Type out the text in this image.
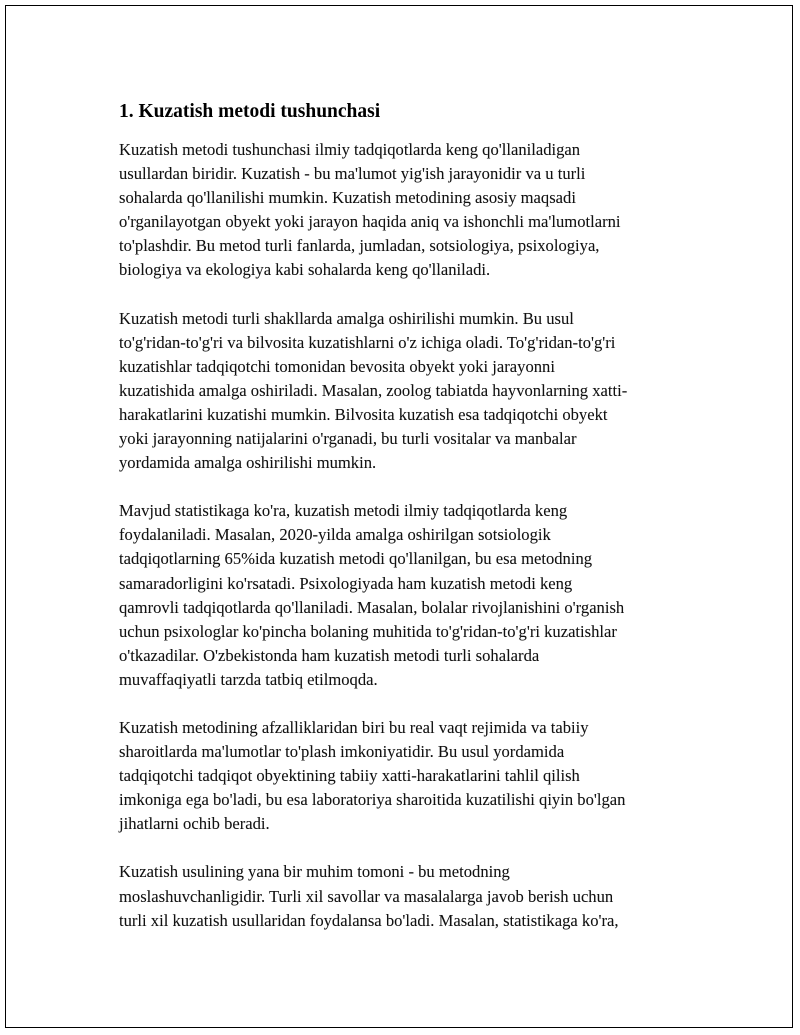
1. Kuzatish metodi tushunchasi

Kuzatish metodi tushunchasi ilmiy tadqiqotlarda keng qo'llaniladigan
usullardan biridir. Kuzatish - bu ma'lumot yig'ish jarayonidir va u turli
sohalarda qo'llanilishi mumkin. Kuzatish metodining asosiy maqsadi
o'rganilayotgan obyekt yoki jarayon haqida aniq va ishonchli ma'lumotlarni
to'plashdir. Bu metod turli fanlarda, jumladan, sotsiologiya, psixologiya,
biologiya va ekologiya kabi sohalarda keng qo'llaniladi.

Kuzatish metodi turli shakllarda amalga oshirilishi mumkin. Bu usul
to'g'ridan-to'g'ri va bilvosita kuzatishlarni o'z ichiga oladi. To'g'ridan-to'g'ri
kuzatishlar tadqiqotchi tomonidan bevosita obyekt yoki jarayonni
kuzatishida amalga oshiriladi. Masalan, zoolog tabiatda hayvonlarning xatti-
harakatlarini kuzatishi mumkin. Bilvosita kuzatish esa tadqiqotchi obyekt
yoki jarayonning natijalarini o'rganadi, bu turli vositalar va manbalar
yordamida amalga oshirilishi mumkin.

Mavjud statistikaga ko'ra, kuzatish metodi ilmiy tadqiqotlarda keng
foydalaniladi. Masalan, 2020-yilda amalga oshirilgan sotsiologik
tadqiqotlarning 65%ida kuzatish metodi qo'llanilgan, bu esa metodning
samaradorligini ko'rsatadi. Psixologiyada ham kuzatish metodi keng
qamrovli tadqiqotlarda qo'llaniladi. Masalan, bolalar rivojlanishini o'rganish
uchun psixologlar ko'pincha bolaning muhitida to'g'ridan-to'g'ri kuzatishlar
o'tkazadilar. O'zbekistonda ham kuzatish metodi turli sohalarda
muvaffaqiyatli tarzda tatbiq etilmoqda.

Kuzatish metodining afzalliklaridan biri bu real vaqt rejimida va tabiiy
sharoitlarda ma'lumotlar to'plash imkoniyatidir. Bu usul yordamida
tadqiqotchi tadqiqot obyektining tabiiy xatti-harakatlarini tahlil qilish
imkoniga ega bo'ladi, bu esa laboratoriya sharoitida kuzatilishi qiyin bo'lgan
jihatlarni ochib beradi.

Kuzatish usulining yana bir muhim tomoni - bu metodning
moslashuvchanligidir. Turli xil savollar va masalalarga javob berish uchun
turli xil kuzatish usullaridan foydalansa bo'ladi. Masalan, statistikaga ko'ra,
